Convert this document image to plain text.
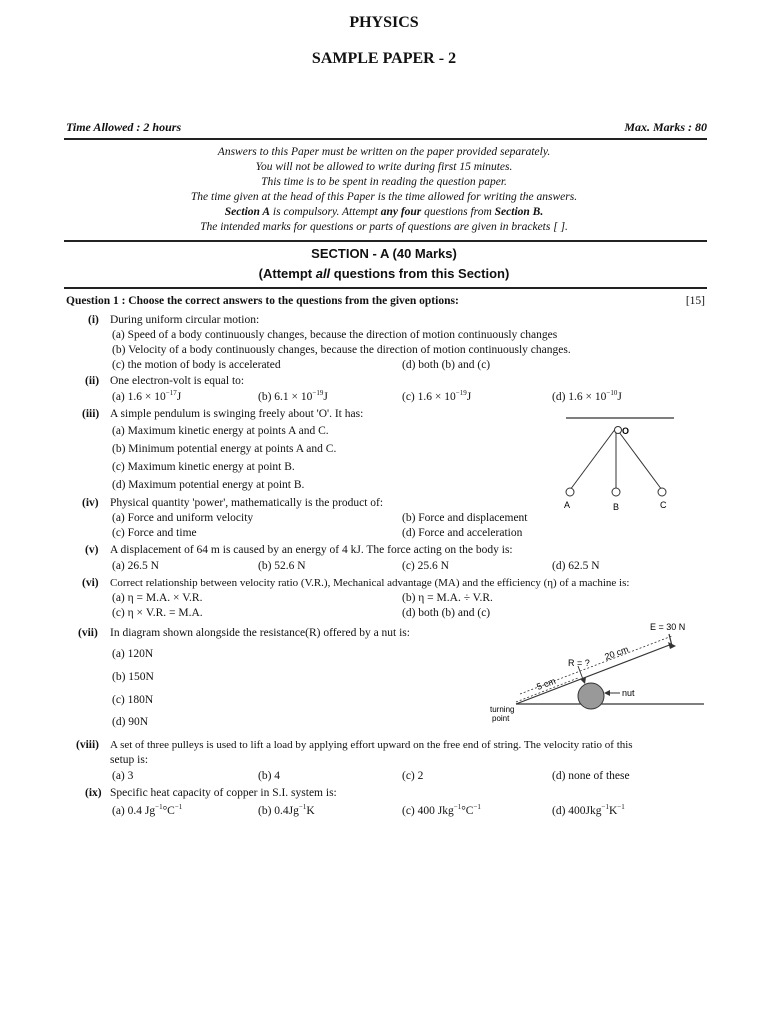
PHYSICS
SAMPLE PAPER - 2
Time Allowed : 2 hours	Max. Marks : 80
Answers to this Paper must be written on the paper provided separately.
You will not be allowed to write during first 15 minutes.
This time is to be spent in reading the question paper.
The time given at the head of this Paper is the time allowed for writing the answers.
Section A is compulsory. Attempt any four questions from Section B.
The intended marks for questions or parts of questions are given in brackets [ ].
SECTION - A (40 Marks)
(Attempt all questions from this Section)
Question 1 : Choose the correct answers to the questions from the given options:	[15]
(i) During uniform circular motion:
(a) Speed of a body continuously changes, because the direction of motion continuously changes
(b) Velocity of a body continuously changes, because the direction of motion continuously changes.
(c) the motion of body is accelerated	(d) both (b) and (c)
(ii) One electron-volt is equal to:
(a) $1.6 \times 10^{-17}J$	(b) $6.1 \times 10^{-19}J$	(c) $1.6 \times 10^{-19}J$	(d) $1.6 \times 10^{-10}J$
(iii) A simple pendulum is swinging freely about 'O'. It has:
(a) Maximum kinetic energy at points A and C.
(b) Minimum potential energy at points A and C.
(c) Maximum kinetic energy at point B.
(d) Maximum potential energy at point B.
O
A	B	C
(iv) Physical quantity 'power', mathematically is the product of:
(a) Force and uniform velocity	(b) Force and displacement
(c) Force and time	(d) Force and acceleration
(v) A displacement of 64 m is caused by an energy of 4 kJ. The force acting on the body is:
(a) 26.5 N	(b) 52.6 N	(c) 25.6 N	(d) 62.5 N
(vi) Correct relationship between velocity ratio (V.R.), Mechanical advantage (MA) and the efficiency (η) of a machine is:
(a) η = M.A. × V.R.	(b) η = M.A. ÷ V.R.
(c) η × V.R. = M.A.	(d) both (b) and (c)
(vii) In diagram shown alongside the resistance(R) offered by a nut is:
(a) 120N
(b) 150N
(c) 180N
(d) 90N
E = 30 N
R = ?
20 cm
5 cm
nut
turning
point
(viii) A set of three pulleys is used to lift a load by applying effort upward on the free end of string. The velocity ratio of this
setup is:
(a) 3	(b) 4	(c) 2	(d) none of these
(ix) Specific heat capacity of copper in S.I. system is:
(a) 0.4 $Jg^{-1}^\circ C^{-1}$	(b) $0.4Jg^{-1}K$	(c) 400 $Jkg^{-1}^\circ C^{-1}$	(d) $400Jkg^{-1}K^{-1}$
